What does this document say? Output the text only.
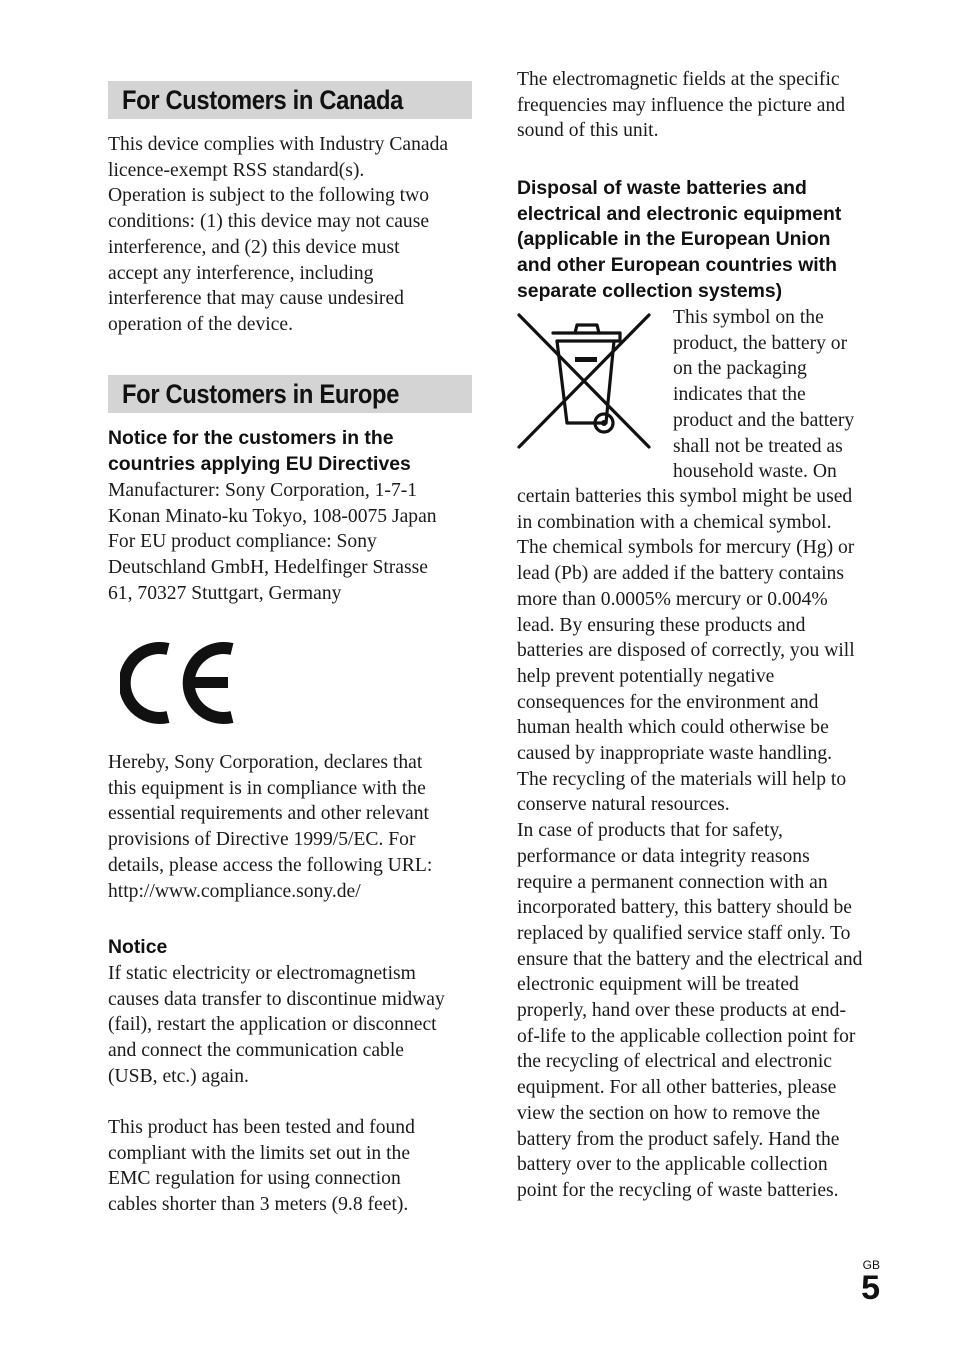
For Customers in Canada

This device complies with Industry Canada
licence-exempt RSS standard(s).
Operation is subject to the following two
conditions: (1) this device may not cause
interference, and (2) this device must
accept any interference, including
interference that may cause undesired
operation of the device.

For Customers in Europe

Notice for the customers in the
countries applying EU Directives

Manufacturer: Sony Corporation, 1-7-1
Konan Minato-ku Tokyo, 108-0075 Japan
For EU product compliance: Sony
Deutschland GmbH, Hedelfinger Strasse
61, 70327 Stuttgart, Germany

Hereby, Sony Corporation, declares that
this equipment is in compliance with the
essential requirements and other relevant
provisions of Directive 1999/5/EC. For
details, please access the following URL:
http://www.compliance.sony.de/

Notice

If static electricity or electromagnetism
causes data transfer to discontinue midway
(fail), restart the application or disconnect
and connect the communication cable
(USB, etc.) again.

This product has been tested and found
compliant with the limits set out in the
EMC regulation for using connection
cables shorter than 3 meters (9.8 feet).

The electromagnetic fields at the specific
frequencies may influence the picture and
sound of this unit.

Disposal of waste batteries and
electrical and electronic equipment
(applicable in the European Union
and other European countries with
separate collection systems)

This symbol on the
product, the battery or
on the packaging
indicates that the
product and the battery
shall not be treated as
household waste. On

certain batteries this symbol might be used
in combination with a chemical symbol.
The chemical symbols for mercury (Hg) or
lead (Pb) are added if the battery contains
more than 0.0005% mercury or 0.004%
lead. By ensuring these products and
batteries are disposed of correctly, you will
help prevent potentially negative
consequences for the environment and
human health which could otherwise be
caused by inappropriate waste handling.
The recycling of the materials will help to
conserve natural resources.
In case of products that for safety,
performance or data integrity reasons
require a permanent connection with an
incorporated battery, this battery should be
replaced by qualified service staff only. To
ensure that the battery and the electrical and
electronic equipment will be treated
properly, hand over these products at end-
of-life to the applicable collection point for
the recycling of electrical and electronic
equipment. For all other batteries, please
view the section on how to remove the
battery from the product safely. Hand the
battery over to the applicable collection
point for the recycling of waste batteries.

GB
5
